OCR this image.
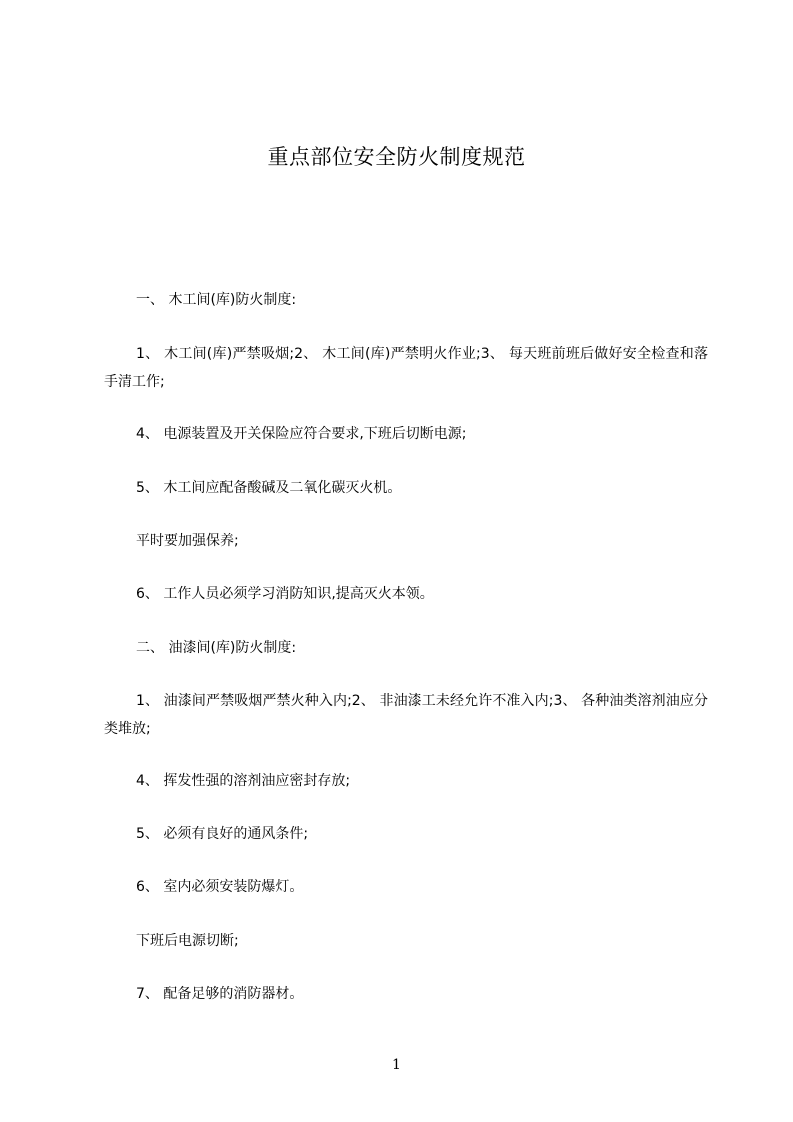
重点部位安全防火制度规范
一、 木工间(库)防火制度:
1、 木工间(库)严禁吸烟;2、 木工间(库)严禁明火作业;3、 每天班前班后做好安全检查和落手清工作;
4、 电源装置及开关保险应符合要求,下班后切断电源;
5、 木工间应配备酸碱及二氧化碳灭火机。
平时要加强保养;
6、 工作人员必须学习消防知识,提高灭火本领。
二、 油漆间(库)防火制度:
1、 油漆间严禁吸烟严禁火种入内;2、 非油漆工未经允许不准入内;3、 各种油类溶剂油应分类堆放;
4、 挥发性强的溶剂油应密封存放;
5、 必须有良好的通风条件;
6、 室内必须安装防爆灯。
下班后电源切断;
7、 配备足够的消防器材。
1
